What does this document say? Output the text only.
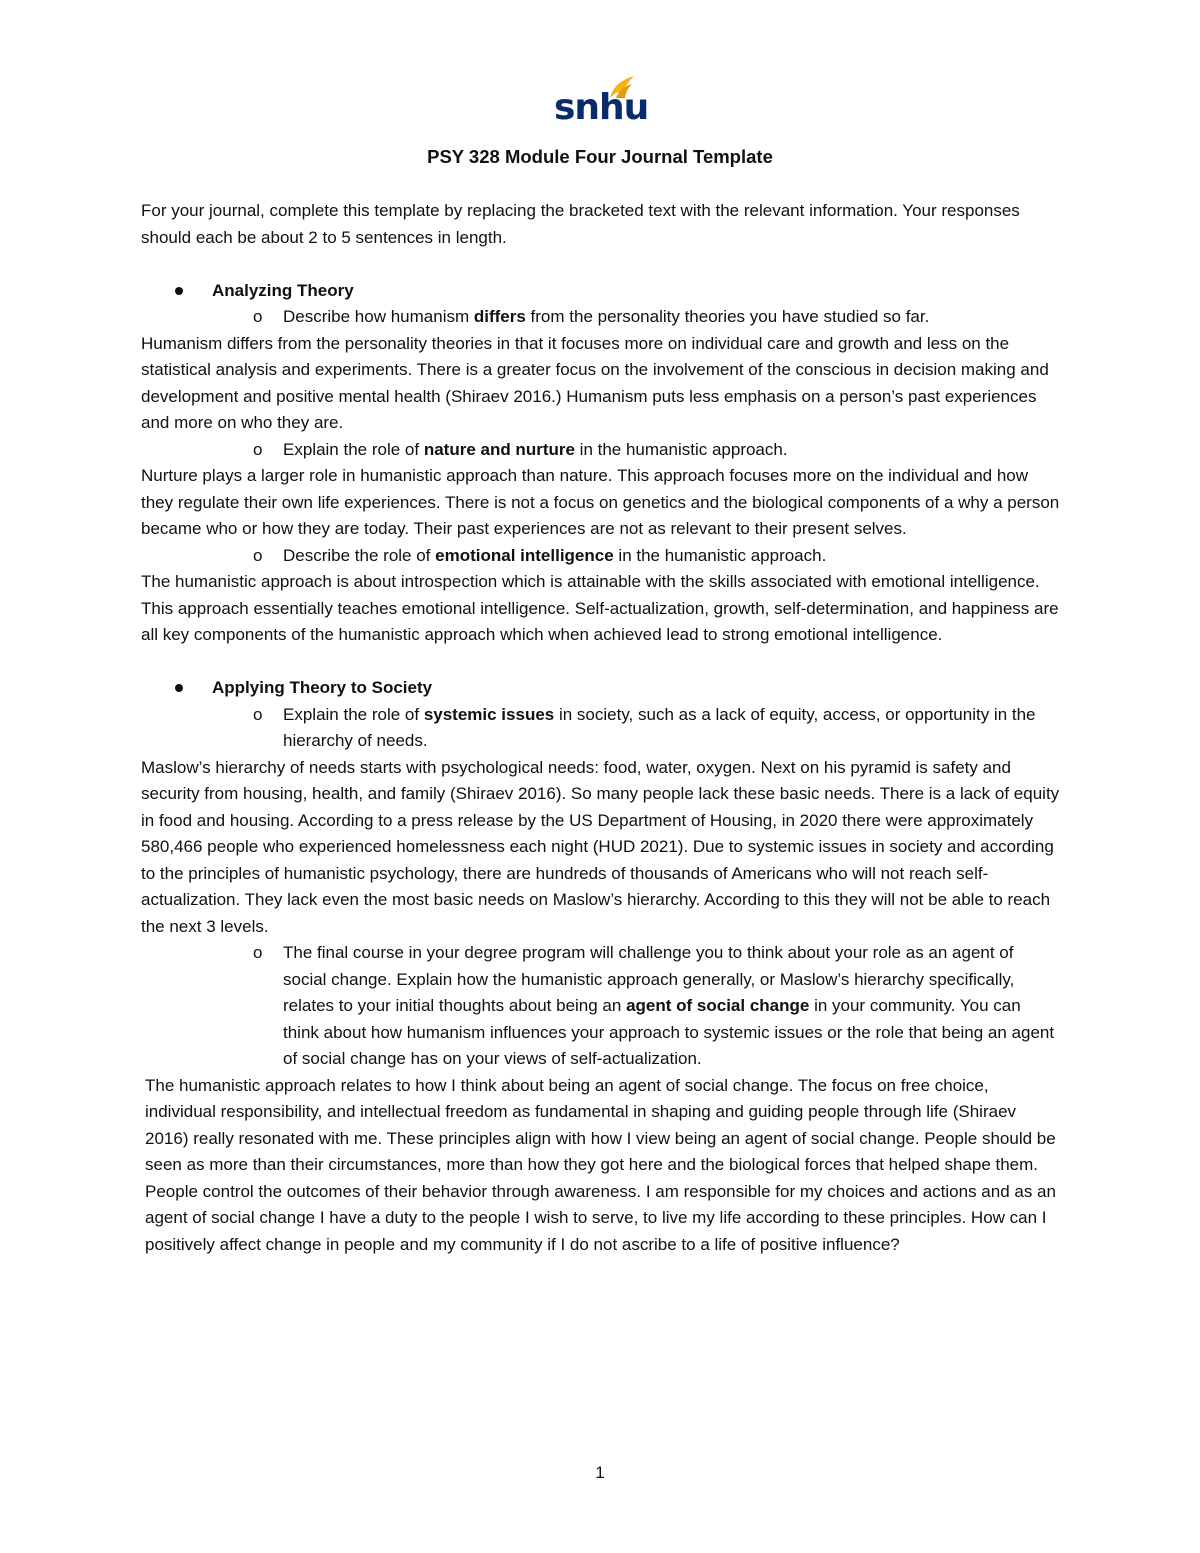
snhu
PSY 328 Module Four Journal Template

For your journal, complete this template by replacing the bracketed text with the relevant information. Your responses should each be about 2 to 5 sentences in length.

Analyzing Theory

o Describe how humanism differs from the personality theories you have studied so far.

Humanism differs from the personality theories in that it focuses more on individual care and growth and less on the statistical analysis and experiments. There is a greater focus on the involvement of the conscious in decision making and development and positive mental health (Shiraev 2016.) Humanism puts less emphasis on a person’s past experiences and more on who they are.

o Explain the role of nature and nurture in the humanistic approach.

Nurture plays a larger role in humanistic approach than nature. This approach focuses more on the individual and how they regulate their own life experiences. There is not a focus on genetics and the biological components of a why a person became who or how they are today. Their past experiences are not as relevant to their present selves.

o Describe the role of emotional intelligence in the humanistic approach.

The humanistic approach is about introspection which is attainable with the skills associated with emotional intelligence. This approach essentially teaches emotional intelligence. Self-actualization, growth, self-determination, and happiness are all key components of the humanistic approach which when achieved lead to strong emotional intelligence.

Applying Theory to Society

o Explain the role of systemic issues in society, such as a lack of equity, access, or opportunity in the hierarchy of needs.

Maslow’s hierarchy of needs starts with psychological needs: food, water, oxygen. Next on his pyramid is safety and security from housing, health, and family (Shiraev 2016). So many people lack these basic needs. There is a lack of equity in food and housing. According to a press release by the US Department of Housing, in 2020 there were approximately 580,466 people who experienced homelessness each night (HUD 2021). Due to systemic issues in society and according to the principles of humanistic psychology, there are hundreds of thousands of Americans who will not reach self-actualization. They lack even the most basic needs on Maslow’s hierarchy. According to this they will not be able to reach the next 3 levels.

o The final course in your degree program will challenge you to think about your role as an agent of social change. Explain how the humanistic approach generally, or Maslow’s hierarchy specifically, relates to your initial thoughts about being an agent of social change in your community. You can think about how humanism influences your approach to systemic issues or the role that being an agent of social change has on your views of self-actualization.

The humanistic approach relates to how I think about being an agent of social change. The focus on free choice, individual responsibility, and intellectual freedom as fundamental in shaping and guiding people through life (Shiraev 2016) really resonated with me. These principles align with how I view being an agent of social change. People should be seen as more than their circumstances, more than how they got here and the biological forces that helped shape them. People control the outcomes of their behavior through awareness. I am responsible for my choices and actions and as an agent of social change I have a duty to the people I wish to serve, to live my life according to these principles. How can I positively affect change in people and my community if I do not ascribe to a life of positive influence?

1
